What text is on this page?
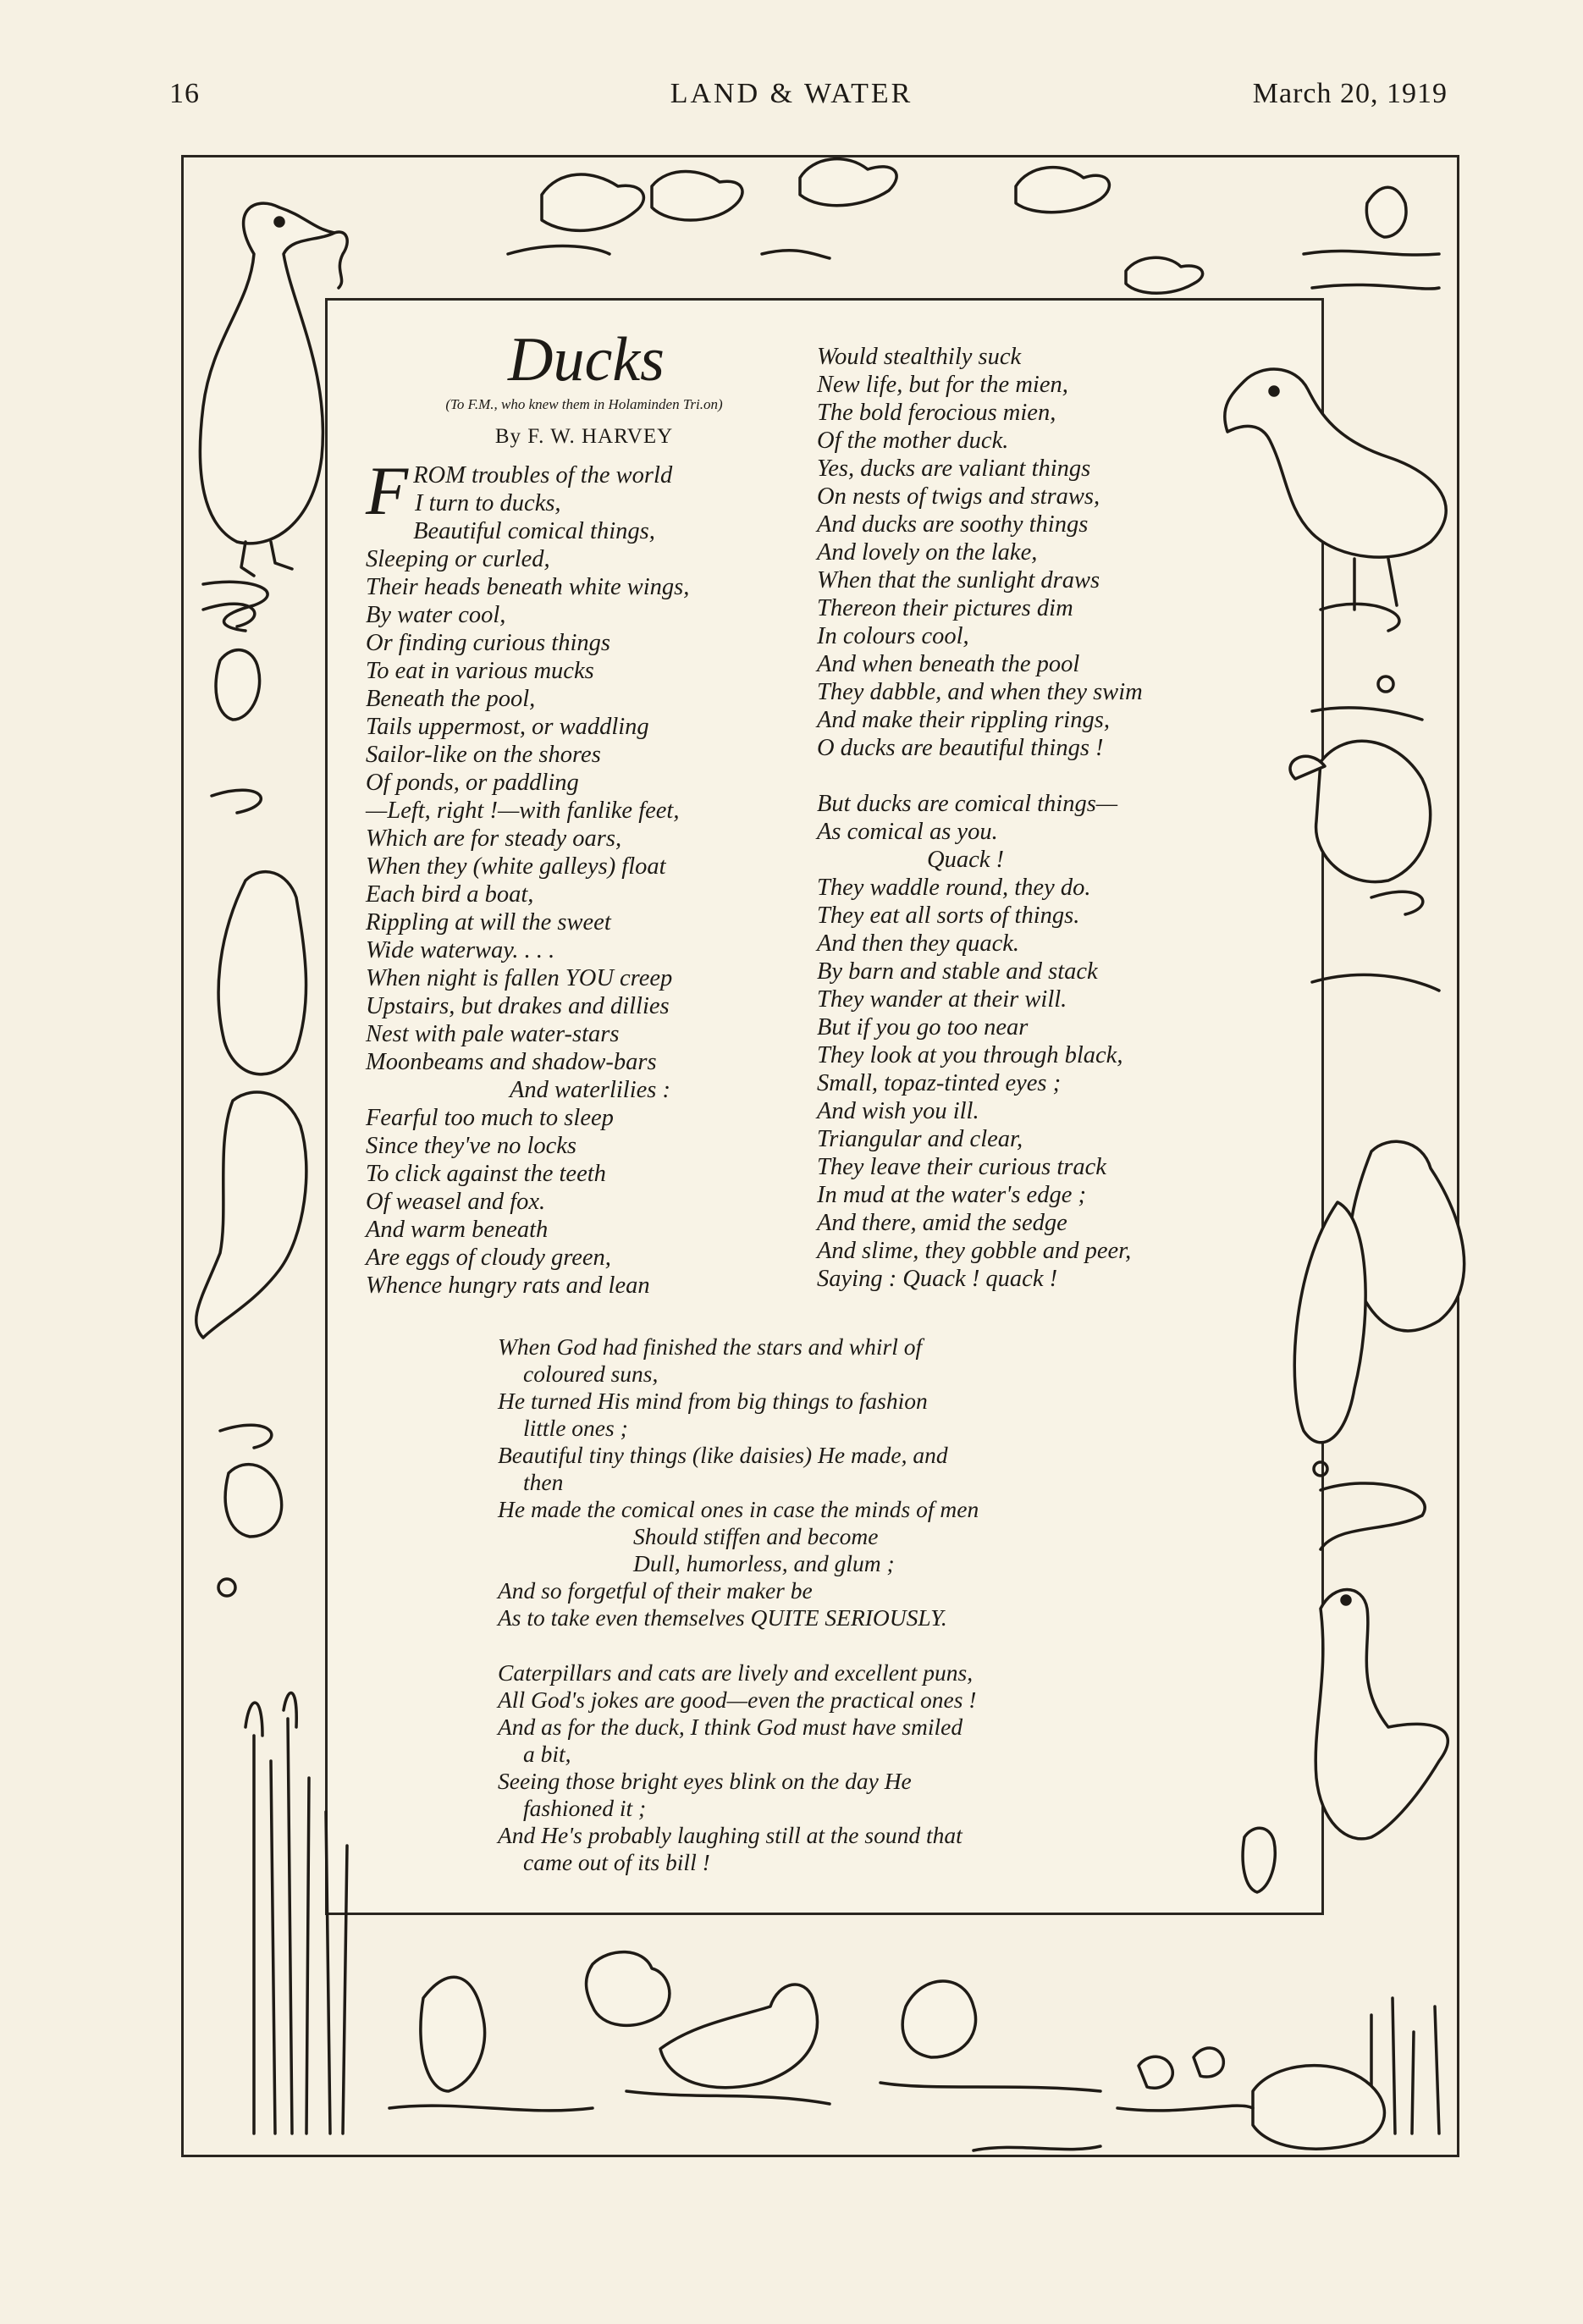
16	LAND & WATER	March 20, 1919
Ducks
(To F.M., who knew them in Holaminden Tri.on)
By F. W. HARVEY
FROM troubles of the world
I turn to ducks,
Beautiful comical things,
Sleeping or curled,
Their heads beneath white wings,
By water cool,
Or finding curious things
To eat in various mucks
Beneath the pool,
Tails uppermost, or waddling
Sailor-like on the shores
Of ponds, or paddling
—Left, right !—with fanlike feet,
Which are for steady oars,
When they (white galleys) float
Each bird a boat,
Rippling at will the sweet
Wide waterway. . . .
When night is fallen YOU creep
Upstairs, but drakes and dillies
Nest with pale water-stars
Moonbeams and shadow-bars
And waterlilies :
Fearful too much to sleep
Since they've no locks
To click against the teeth
Of weasel and fox.
And warm beneath
Are eggs of cloudy green,
Whence hungry rats and lean
Would stealthily suck
New life, but for the mien,
The bold ferocious mien,
Of the mother duck.
Yes, ducks are valiant things
On nests of twigs and straws,
And ducks are soothy things
And lovely on the lake,
When that the sunlight draws
Thereon their pictures dim
In colours cool,
And when beneath the pool
They dabble, and when they swim
And make their rippling rings,
O ducks are beautiful things !
But ducks are comical things—
As comical as you.
Quack !
They waddle round, they do.
They eat all sorts of things.
And then they quack.
By barn and stable and stack
They wander at their will.
But if you go too near
They look at you through black,
Small, topaz-tinted eyes ;
And wish you ill.
Triangular and clear,
They leave their curious track
In mud at the water's edge ;
And there, amid the sedge
And slime, they gobble and peer,
Saying : Quack ! quack !
When God had finished the stars and whirl of
coloured suns,
He turned His mind from big things to fashion
little ones ;
Beautiful tiny things (like daisies) He made, and
then
He made the comical ones in case the minds of men
Should stiffen and become
Dull, humorless, and glum ;
And so forgetful of their maker be
As to take even themselves QUITE SERIOUSLY.
Caterpillars and cats are lively and excellent puns,
All God's jokes are good—even the practical ones !
And as for the duck, I think God must have smiled
a bit,
Seeing those bright eyes blink on the day He
fashioned it ;
And He's probably laughing still at the sound that
came out of its bill !
